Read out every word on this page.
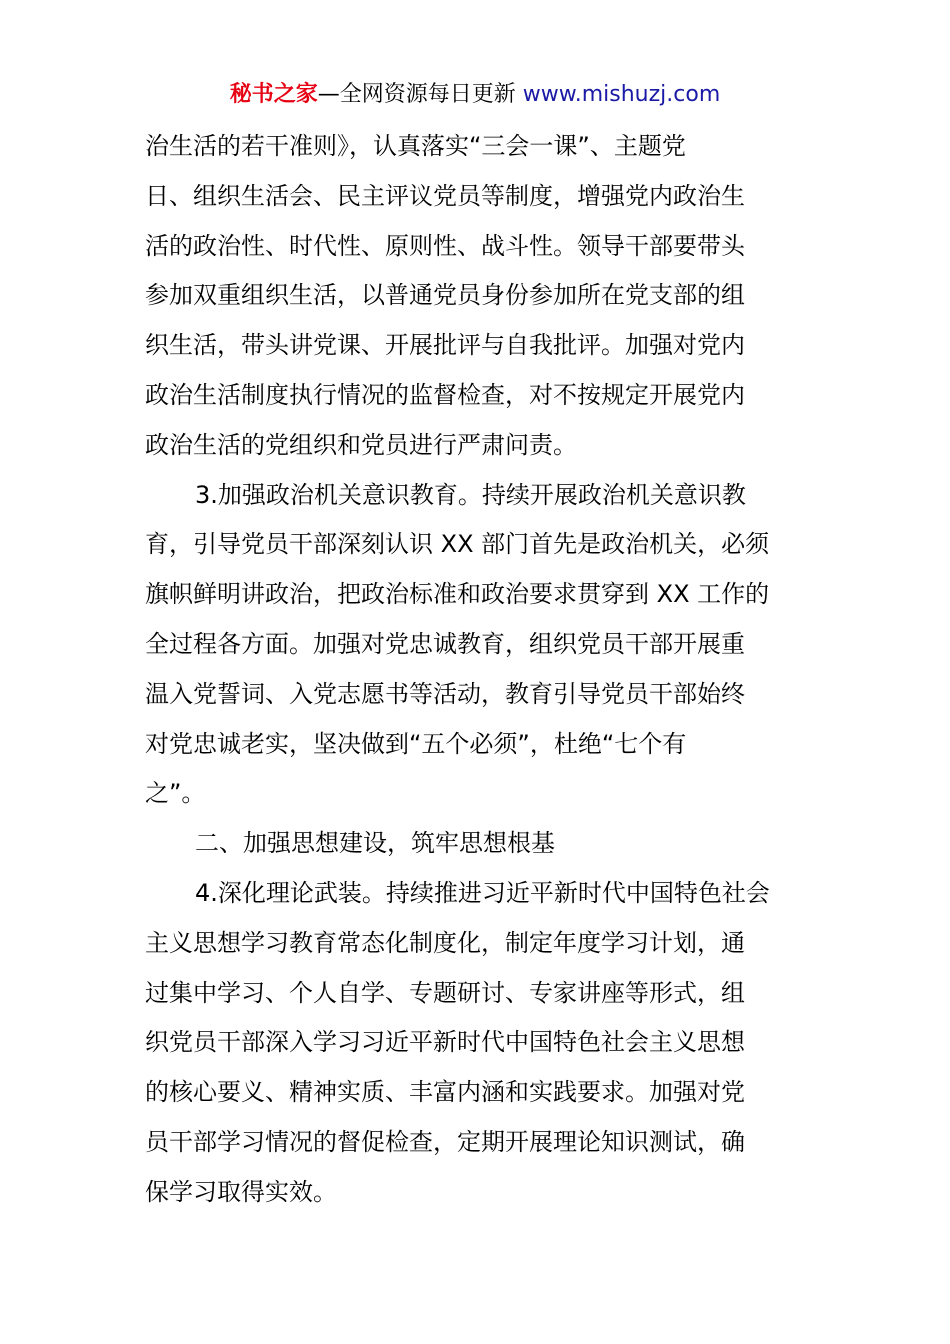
秘书之家—全网资源每日更新 www.mishuzj.com
治生活的若干准则》，认真落实“三会一课”、主题党
日、组织生活会、民主评议党员等制度，增强党内政治生
活的政治性、时代性、原则性、战斗性。领导干部要带头
参加双重组织生活，以普通党员身份参加所在党支部的组
织生活，带头讲党课、开展批评与自我批评。加强对党内
政治生活制度执行情况的监督检查，对不按规定开展党内
政治生活的党组织和党员进行严肃问责。
3.加强政治机关意识教育。持续开展政治机关意识教
育，引导党员干部深刻认识 XX 部门首先是政治机关，必须
旗帜鲜明讲政治，把政治标准和政治要求贯穿到 XX 工作的
全过程各方面。加强对党忠诚教育，组织党员干部开展重
温入党誓词、入党志愿书等活动，教育引导党员干部始终
对党忠诚老实，坚决做到“五个必须”，杜绝“七个有
之”。
二、加强思想建设，筑牢思想根基
4.深化理论武装。持续推进习近平新时代中国特色社会
主义思想学习教育常态化制度化，制定年度学习计划，通
过集中学习、个人自学、专题研讨、专家讲座等形式，组
织党员干部深入学习习近平新时代中国特色社会主义思想
的核心要义、精神实质、丰富内涵和实践要求。加强对党
员干部学习情况的督促检查，定期开展理论知识测试，确
保学习取得实效。
